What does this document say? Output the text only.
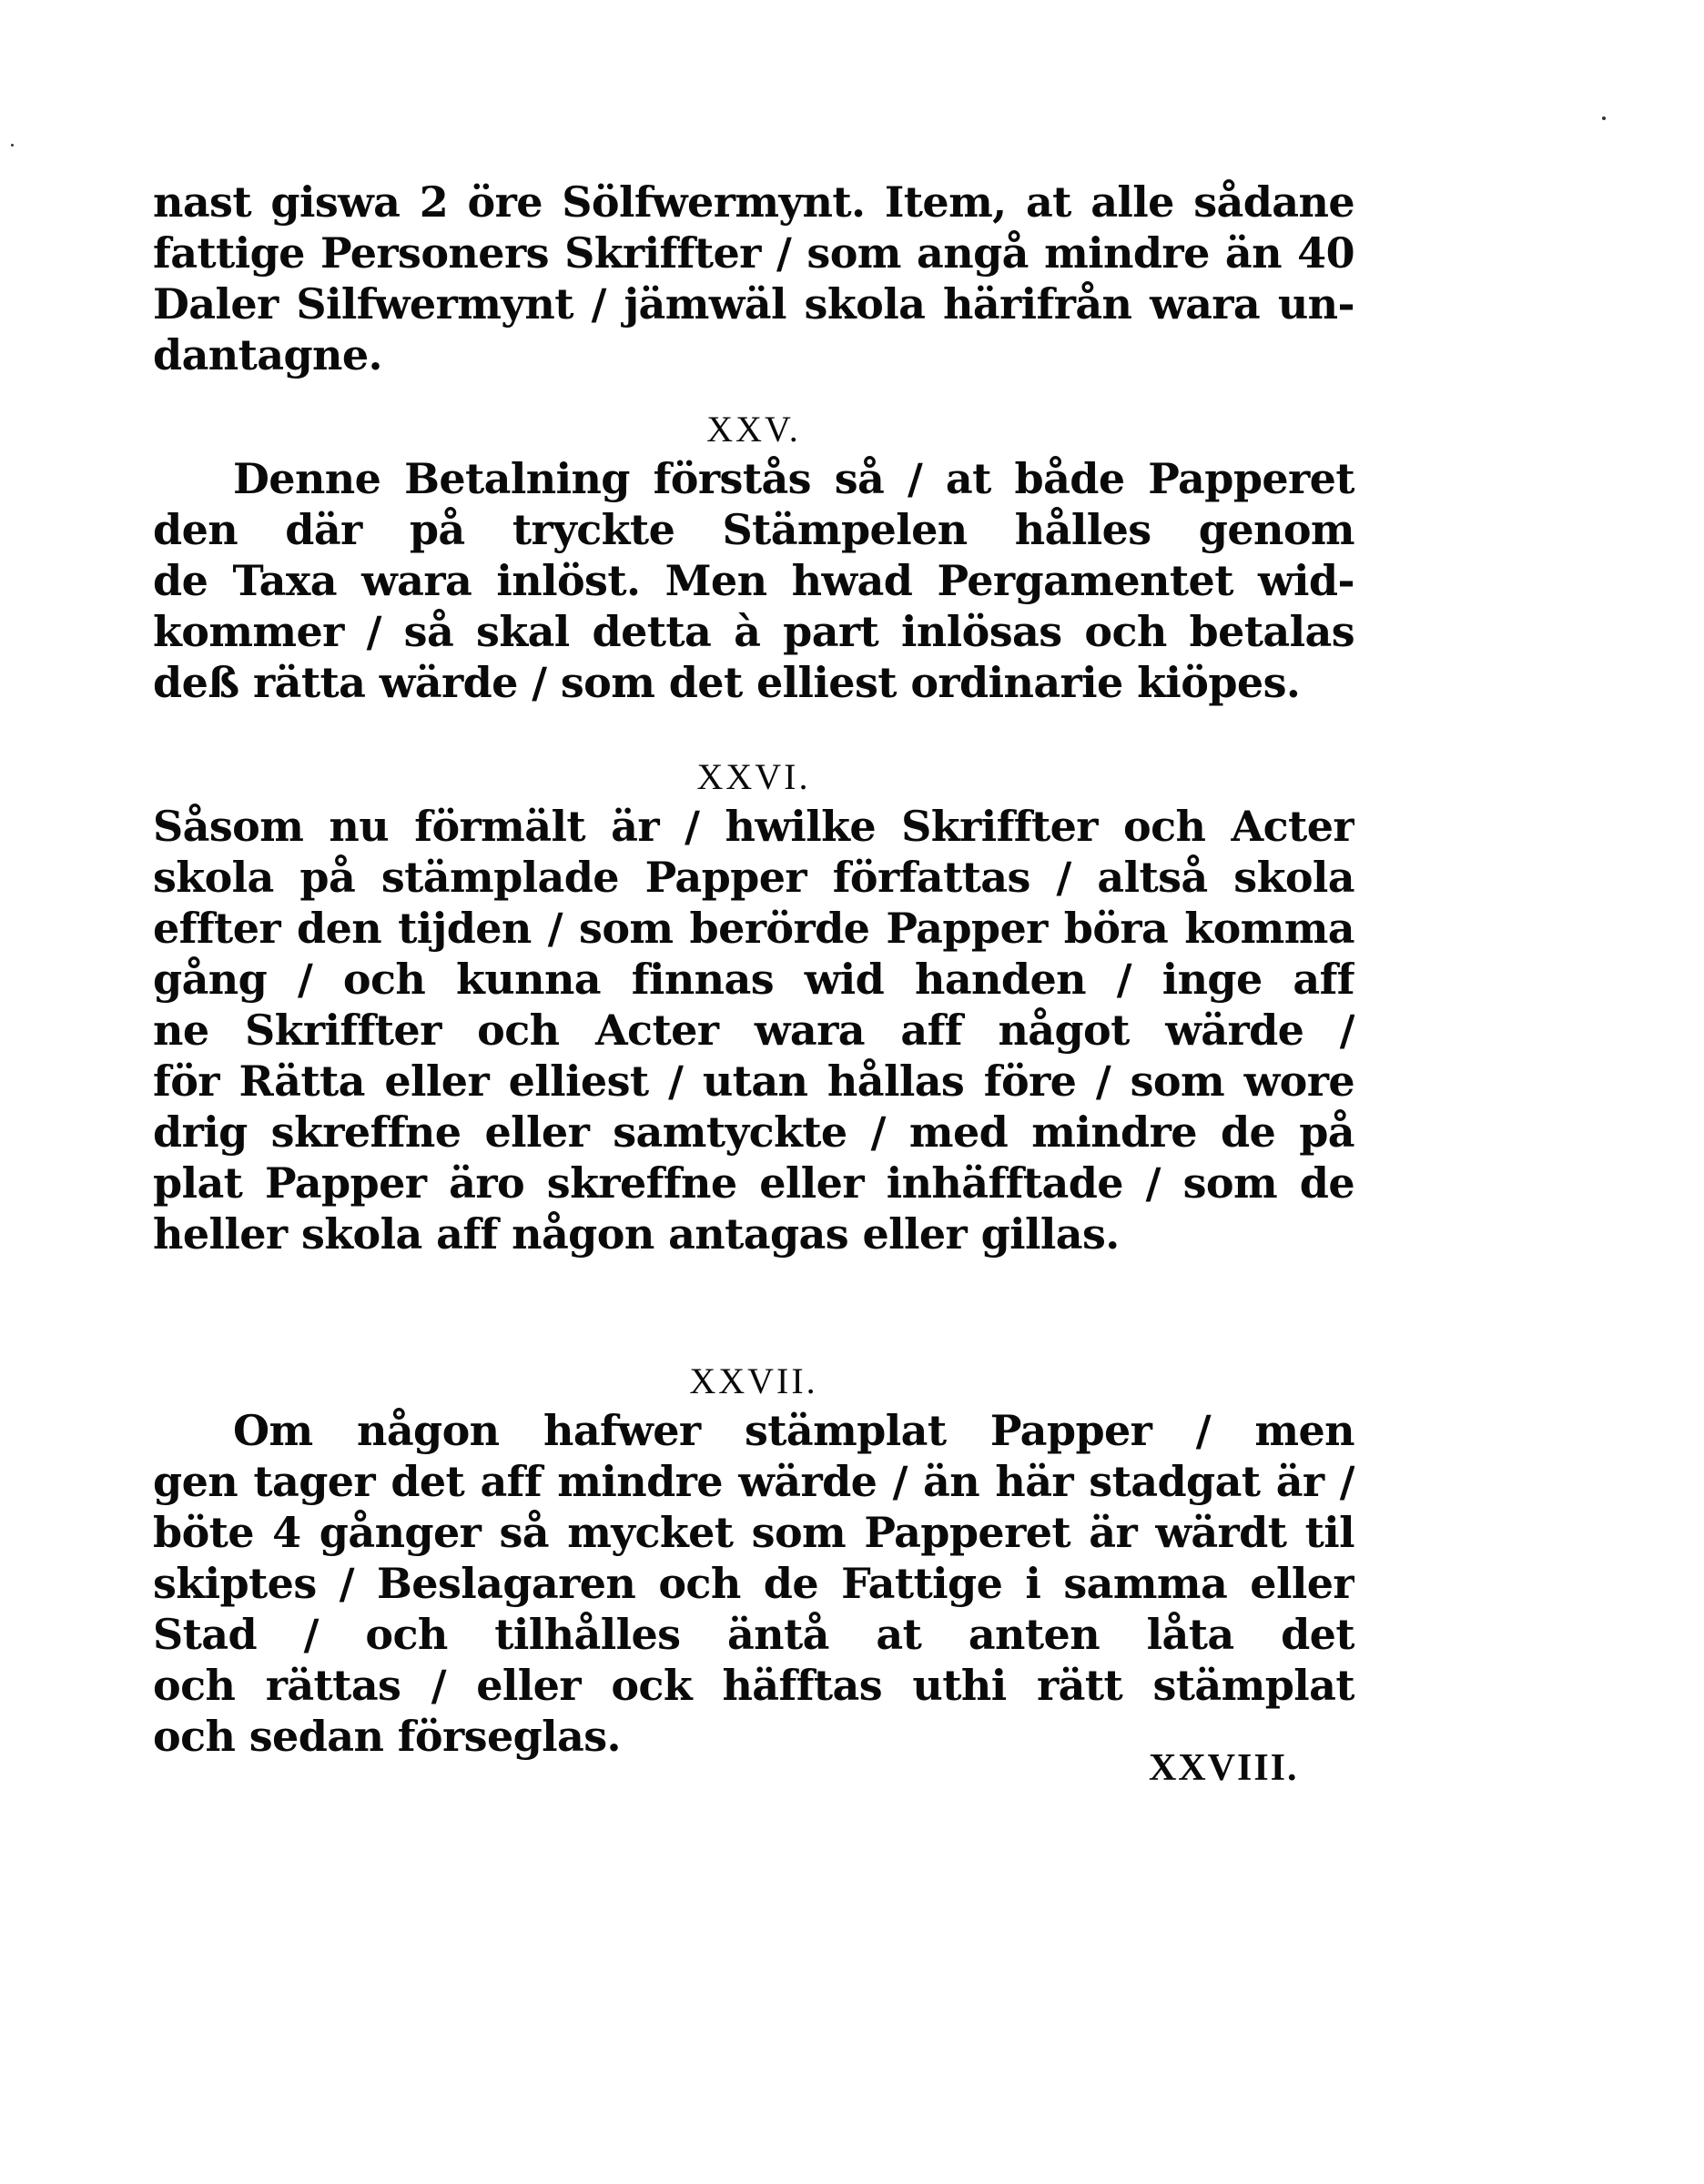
nast giswa 2 öre Sölfwermynt. Item, at alle sådane
fattige Personers Skriffter / som angå mindre än 40
Daler Silfwermynt / jämwäl skola härifrån wara un-
dantagne.
XXV.
Denne Betalning förstås så / at både Papperet
den där på tryckte Stämpelen hålles genom
de Taxa wara inlöst. Men hwad Pergamentet wid-
kommer / så skal detta à part inlösas och betalas
deß rätta wärde / som det elliest ordinarie kiöpes.
XXVI.
Såsom nu förmält är / hwilke Skriffter och Acter
skola på stämplade Papper författas / altså skola
effter den tijden / som berörde Papper böra komma
gång / och kunna finnas wid handen / inge aff
ne Skriffter och Acter wara aff något wärde /
för Rätta eller elliest / utan hållas före / som wore
drig skreffne eller samtyckte / med mindre de på
plat Papper äro skreffne eller inhäfftade / som de
heller skola aff någon antagas eller gillas.
XXVII.
Om någon hafwer stämplat Papper / men
gen tager det aff mindre wärde / än här stadgat är /
böte 4 gånger så mycket som Papperet är wärdt til
skiptes / Beslagaren och de Fattige i samma eller
Stad / och tilhålles äntå at anten låta det
och rättas / eller ock häfftas uthi rätt stämplat
och sedan förseglas.
XXVIII.
